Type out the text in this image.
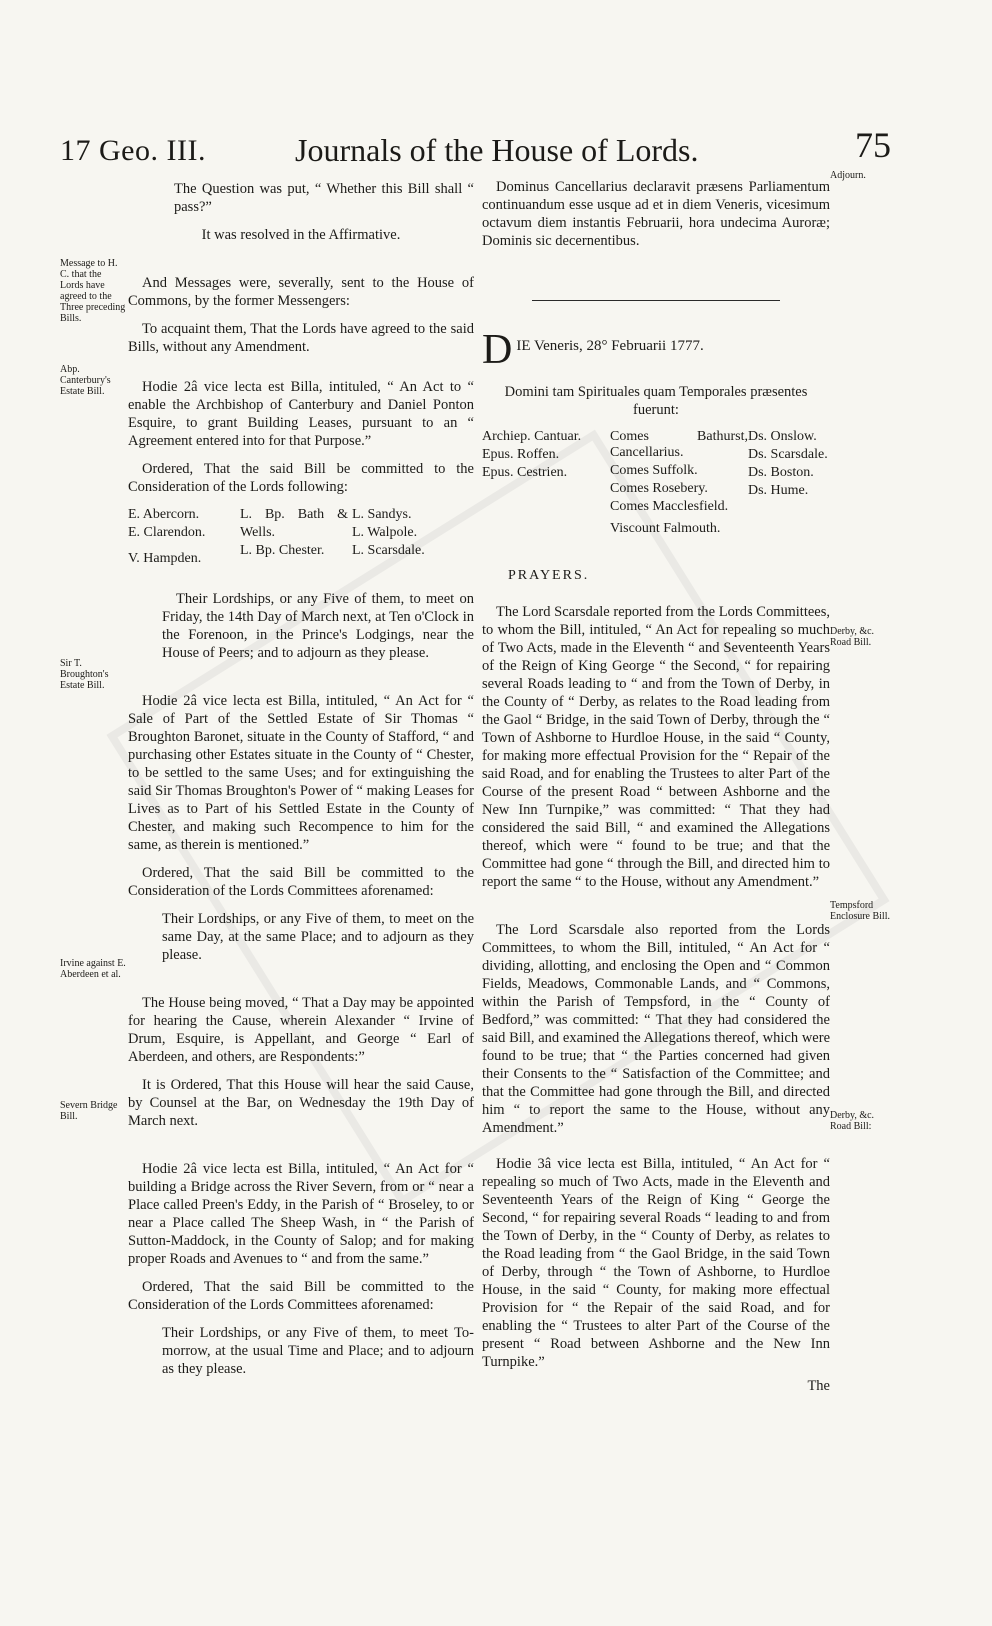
17 Geo. III.	Journals of the House of Lords.	75
Message to H. C. that the Lords have agreed to the Three preceding Bills.
Abp. Canterbury's Estate Bill.
Sir T. Broughton's Estate Bill.
Irvine against E. Aberdeen et al.
Severn Bridge Bill.
Adjourn.
Derby, &c. Road Bill.
Tempsford Enclosure Bill.
Derby, &c. Road Bill:

The Question was put, “ Whether this Bill shall “ pass?”

It was resolved in the Affirmative.

And Messages were, severally, sent to the House of Commons, by the former Messengers:

To acquaint them, That the Lords have agreed to the said Bills, without any Amendment.

Hodie 2â vice lecta est Billa, intituled, “ An Act to “ enable the Archbishop of Canterbury and Daniel Ponton Esquire, to grant Building Leases, pursuant to an “ Agreement entered into for that Purpose.”

Ordered, That the said Bill be committed to the Consideration of the Lords following:

E. Abercorn.
E. Clarendon.
V. Hampden.
L. Bp. Bath & Wells.
L. Bp. Chester.
L. Sandys.
L. Walpole.
L. Scarsdale.

Their Lordships, or any Five of them, to meet on Friday, the 14th Day of March next, at Ten o'Clock in the Forenoon, in the Prince's Lodgings, near the House of Peers; and to adjourn as they please.

Hodie 2â vice lecta est Billa, intituled, “ An Act for “ Sale of Part of the Settled Estate of Sir Thomas “ Broughton Baronet, situate in the County of Stafford, “ and purchasing other Estates situate in the County of “ Chester, to be settled to the same Uses; and for extinguishing the said Sir Thomas Broughton's Power of “ making Leases for Lives as to Part of his Settled Estate in the County of Chester, and making such Recompence to him for the same, as therein is mentioned.”

Ordered, That the said Bill be committed to the Consideration of the Lords Committees aforenamed:

Their Lordships, or any Five of them, to meet on the same Day, at the same Place; and to adjourn as they please.

The House being moved, “ That a Day may be appointed for hearing the Cause, wherein Alexander “ Irvine of Drum, Esquire, is Appellant, and George “ Earl of Aberdeen, and others, are Respondents:”

It is Ordered, That this House will hear the said Cause, by Counsel at the Bar, on Wednesday the 19th Day of March next.

Hodie 2â vice lecta est Billa, intituled, “ An Act for “ building a Bridge across the River Severn, from or “ near a Place called Preen's Eddy, in the Parish of “ Broseley, to or near a Place called The Sheep Wash, in “ the Parish of Sutton-Maddock, in the County of Salop; and for making proper Roads and Avenues to “ and from the same.”

Ordered, That the said Bill be committed to the Consideration of the Lords Committees aforenamed:

Their Lordships, or any Five of them, to meet To-morrow, at the usual Time and Place; and to adjourn as they please.

Dominus Cancellarius declaravit præsens Parliamentum continuandum esse usque ad et in diem Veneris, vicesimum octavum diem instantis Februarii, hora undecima Auroræ; Dominis sic decernentibus.

D IE Veneris, 28° Februarii 1777.

Domini tam Spirituales quam Temporales præsentes fuerunt:

Archiep. Cantuar.
Epus. Roffen.
Epus. Cestrien.
Comes Bathurst, Cancellarius.
Comes Suffolk.
Comes Rosebery.
Comes Macclesfield.
Viscount Falmouth.
Ds. Onslow.
Ds. Scarsdale.
Ds. Boston.
Ds. Hume.
PRAYERS.

The Lord Scarsdale reported from the Lords Committees, to whom the Bill, intituled, “ An Act for repealing so much of Two Acts, made in the Eleventh “ and Seventeenth Years of the Reign of King George “ the Second, “ for repairing several Roads leading to “ and from the Town of Derby, in the County of “ Derby, as relates to the Road leading from the Gaol “ Bridge, in the said Town of Derby, through the “ Town of Ashborne to Hurdloe House, in the said “ County, for making more effectual Provision for the “ Repair of the said Road, and for enabling the Trustees to alter Part of the Course of the present Road “ between Ashborne and the New Inn Turnpike,” was committed: “ That they had considered the said Bill, “ and examined the Allegations thereof, which were “ found to be true; and that the Committee had gone “ through the Bill, and directed him to report the same “ to the House, without any Amendment.”

The Lord Scarsdale also reported from the Lords Committees, to whom the Bill, intituled, “ An Act for “ dividing, allotting, and enclosing the Open and “ Common Fields, Meadows, Commonable Lands, and “ Commons, within the Parish of Tempsford, in the “ County of Bedford,” was committed: “ That they had considered the said Bill, and examined the Allegations thereof, which were found to be true; that “ the Parties concerned had given their Consents to the “ Satisfaction of the Committee; and that the Committee had gone through the Bill, and directed him “ to report the same to the House, without any Amendment.”

Hodie 3â vice lecta est Billa, intituled, “ An Act for “ repealing so much of Two Acts, made in the Eleventh and Seventeenth Years of the Reign of King “ George the Second, “ for repairing several Roads “ leading to and from the Town of Derby, in the “ County of Derby, as relates to the Road leading from “ the Gaol Bridge, in the said Town of Derby, through “ the Town of Ashborne, to Hurdloe House, in the said “ County, for making more effectual Provision for “ the Repair of the said Road, and for enabling the “ Trustees to alter Part of the Course of the present “ Road between Ashborne and the New Inn Turnpike.”

The
